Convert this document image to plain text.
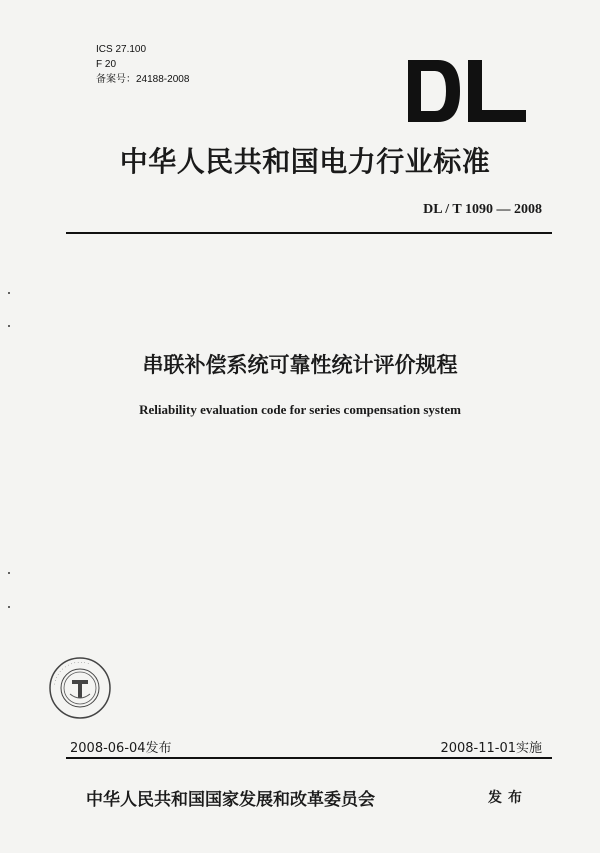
ICS 27.100
F 20
备案号：24188-2008
中华人民共和国电力行业标准
DL / T 1090 — 2008
串联补偿系统可靠性统计评价规程
Reliability evaluation code for series compensation system
· · · · · · · · · · · · · ·
2008-06-04发布	2008-11-01实施
中华人民共和国国家发展和改革委员会	发布
